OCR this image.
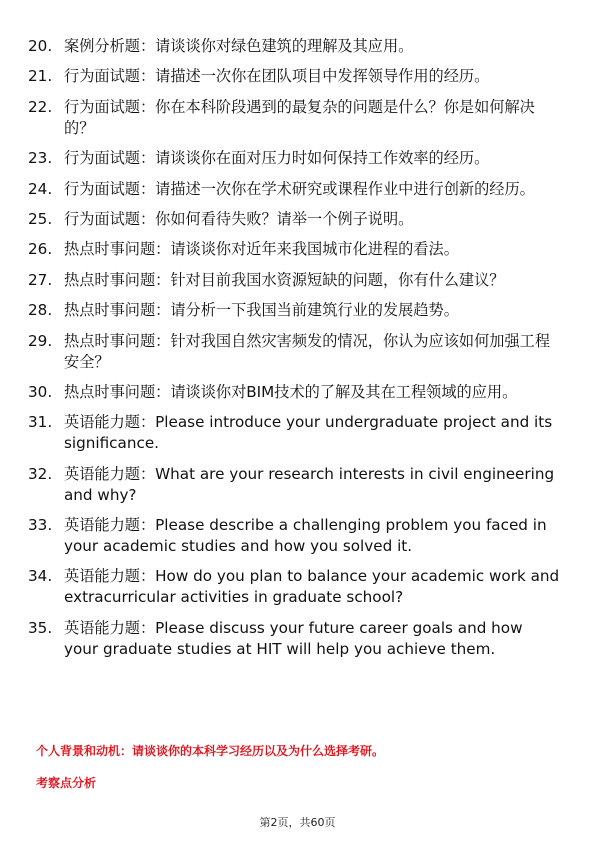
20. 案例分析题：请谈谈你对绿色建筑的理解及其应用。
21. 行为面试题：请描述一次你在团队项目中发挥领导作用的经历。
22. 行为面试题：你在本科阶段遇到的最复杂的问题是什么？你是如何解决的？
23. 行为面试题：请谈谈你在面对压力时如何保持工作效率的经历。
24. 行为面试题：请描述一次你在学术研究或课程作业中进行创新的经历。
25. 行为面试题：你如何看待失败？请举一个例子说明。
26. 热点时事问题：请谈谈你对近年来我国城市化进程的看法。
27. 热点时事问题：针对目前我国水资源短缺的问题，你有什么建议？
28. 热点时事问题：请分析一下我国当前建筑行业的发展趋势。
29. 热点时事问题：针对我国自然灾害频发的情况，你认为应该如何加强工程安全？
30. 热点时事问题：请谈谈你对BIM技术的了解及其在工程领域的应用。
31. 英语能力题：Please introduce your undergraduate project and its significance.
32. 英语能力题：What are your research interests in civil engineering and why?
33. 英语能力题：Please describe a challenging problem you faced in your academic studies and how you solved it.
34. 英语能力题：How do you plan to balance your academic work and extracurricular activities in graduate school?
35. 英语能力题：Please discuss your future career goals and how your graduate studies at HIT will help you achieve them.
个人背景和动机：请谈谈你的本科学习经历以及为什么选择考研。
考察点分析
第2页，共60页
